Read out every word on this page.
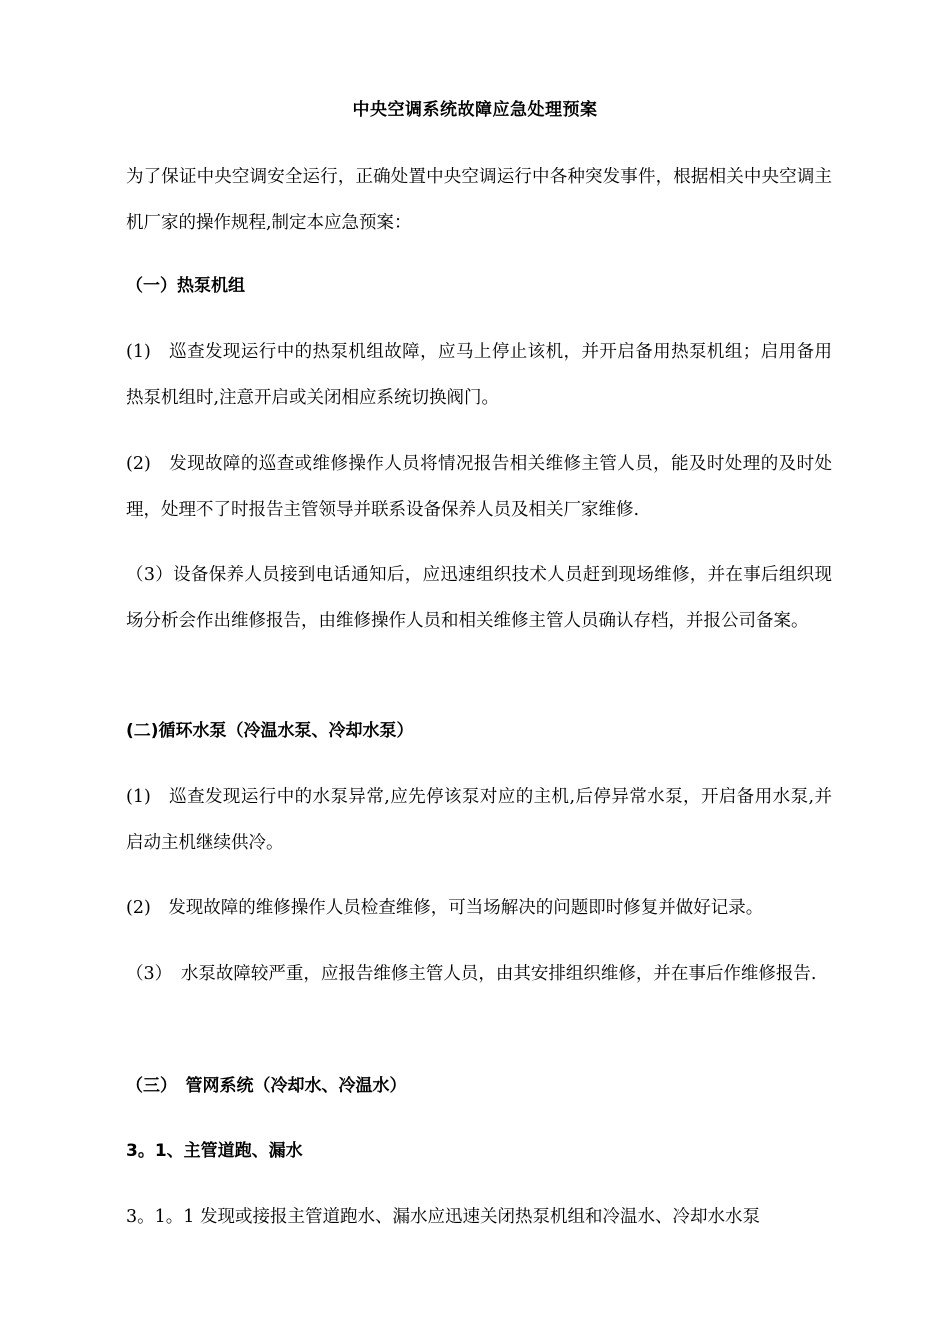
中央空调系统故障应急处理预案

为了保证中央空调安全运行，正确处置中央空调运行中各种突发事件，根据相关中央空调主机厂家的操作规程,制定本应急预案：

（一）热泵机组

(1)　巡查发现运行中的热泵机组故障，应马上停止该机，并开启备用热泵机组；启用备用热泵机组时,注意开启或关闭相应系统切换阀门。

(2)　发现故障的巡查或维修操作人员将情况报告相关维修主管人员，能及时处理的及时处理，处理不了时报告主管领导并联系设备保养人员及相关厂家维修.

（3）设备保养人员接到电话通知后，应迅速组织技术人员赶到现场维修，并在事后组织现场分析会作出维修报告，由维修操作人员和相关维修主管人员确认存档，并报公司备案。

(二)循环水泵（冷温水泵、冷却水泵）

(1)　巡查发现运行中的水泵异常,应先停该泵对应的主机,后停异常水泵，开启备用水泵,并启动主机继续供冷。

(2)　发现故障的维修操作人员检查维修，可当场解决的问题即时修复并做好记录。

（3）　水泵故障较严重，应报告维修主管人员，由其安排组织维修，并在事后作维修报告.

（三）　管网系统（冷却水、冷温水）
3。1、主管道跑、漏水

3。1。1 发现或接报主管道跑水、漏水应迅速关闭热泵机组和冷温水、冷却水水泵
